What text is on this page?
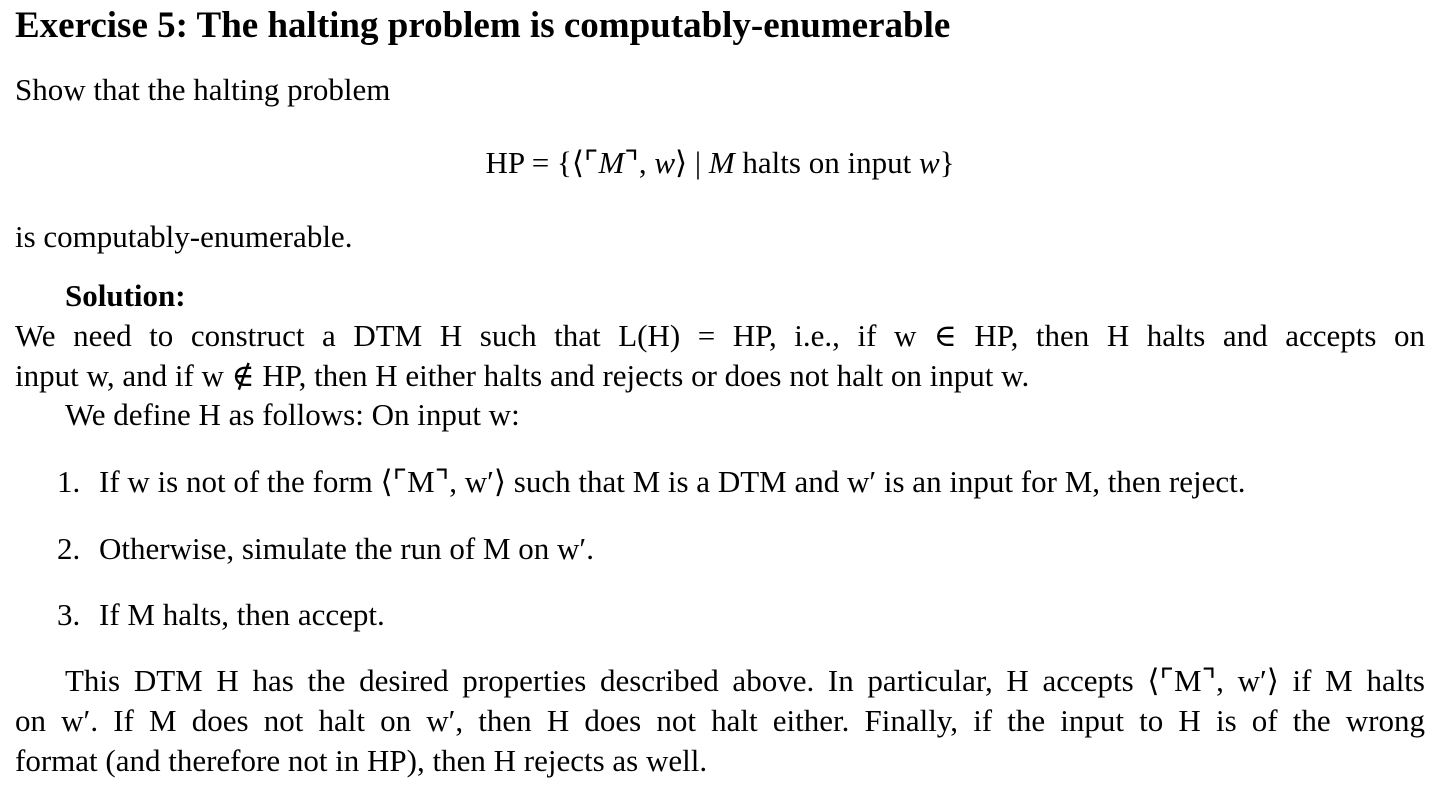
Exercise 5: The halting problem is computably-enumerable
Show that the halting problem
HP = {⟨⌜M⌝, w⟩ | M halts on input w}
is computably-enumerable.
Solution:
We need to construct a DTM H such that L(H) = HP, i.e., if w ∈ HP, then H halts and accepts on
input w, and if w ∉ HP, then H either halts and rejects or does not halt on input w.
We define H as follows: On input w:
1. If w is not of the form ⟨⌜M⌝, w′⟩ such that M is a DTM and w′ is an input for M, then reject.
2. Otherwise, simulate the run of M on w′.
3. If M halts, then accept.
This DTM H has the desired properties described above. In particular, H accepts ⟨⌜M⌝, w′⟩ if M halts
on w′. If M does not halt on w′, then H does not halt either. Finally, if the input to H is of the wrong
format (and therefore not in HP), then H rejects as well.
